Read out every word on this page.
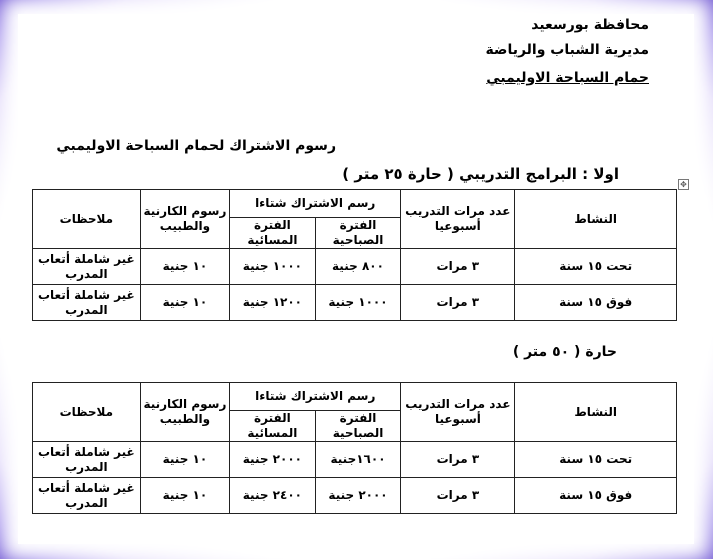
محافظة بورسعيد
مديرية الشباب والرياضة
حمام السباحة الاوليمبي
رسوم الاشتراك لحمام السباحة الاوليمبي
اولا : البرامج التدريبي ( حارة ٢٥ متر )
✥
النشاط	عدد مرات التدريب أسبوعيا	رسم الاشتراك شتاءا		رسوم الكارنية والطبيب	ملاحظات
		الفترة الصباحية	الفترة المسائية		
تحت ١٥ سنة	٣ مرات	٨٠٠ جنية	١٠٠٠ جنية	١٠ جنية	غير شاملة أتعاب المدرب
فوق ١٥ سنة	٣ مرات	١٠٠٠ جنية	١٢٠٠ جنية	١٠ جنية	غير شاملة أتعاب المدرب
حارة ( ٥٠ متر )
النشاط	عدد مرات التدريب أسبوعيا	رسم الاشتراك شتاءا		رسوم الكارنية والطبيب	ملاحظات
		الفترة الصباحية	الفترة المسائية		
تحت ١٥ سنة	٣ مرات	١٦٠٠جنية	٢٠٠٠ جنية	١٠ جنية	غير شاملة أتعاب المدرب
فوق ١٥ سنة	٣ مرات	٢٠٠٠ جنية	٢٤٠٠ جنية	١٠ جنية	غير شاملة أتعاب المدرب
